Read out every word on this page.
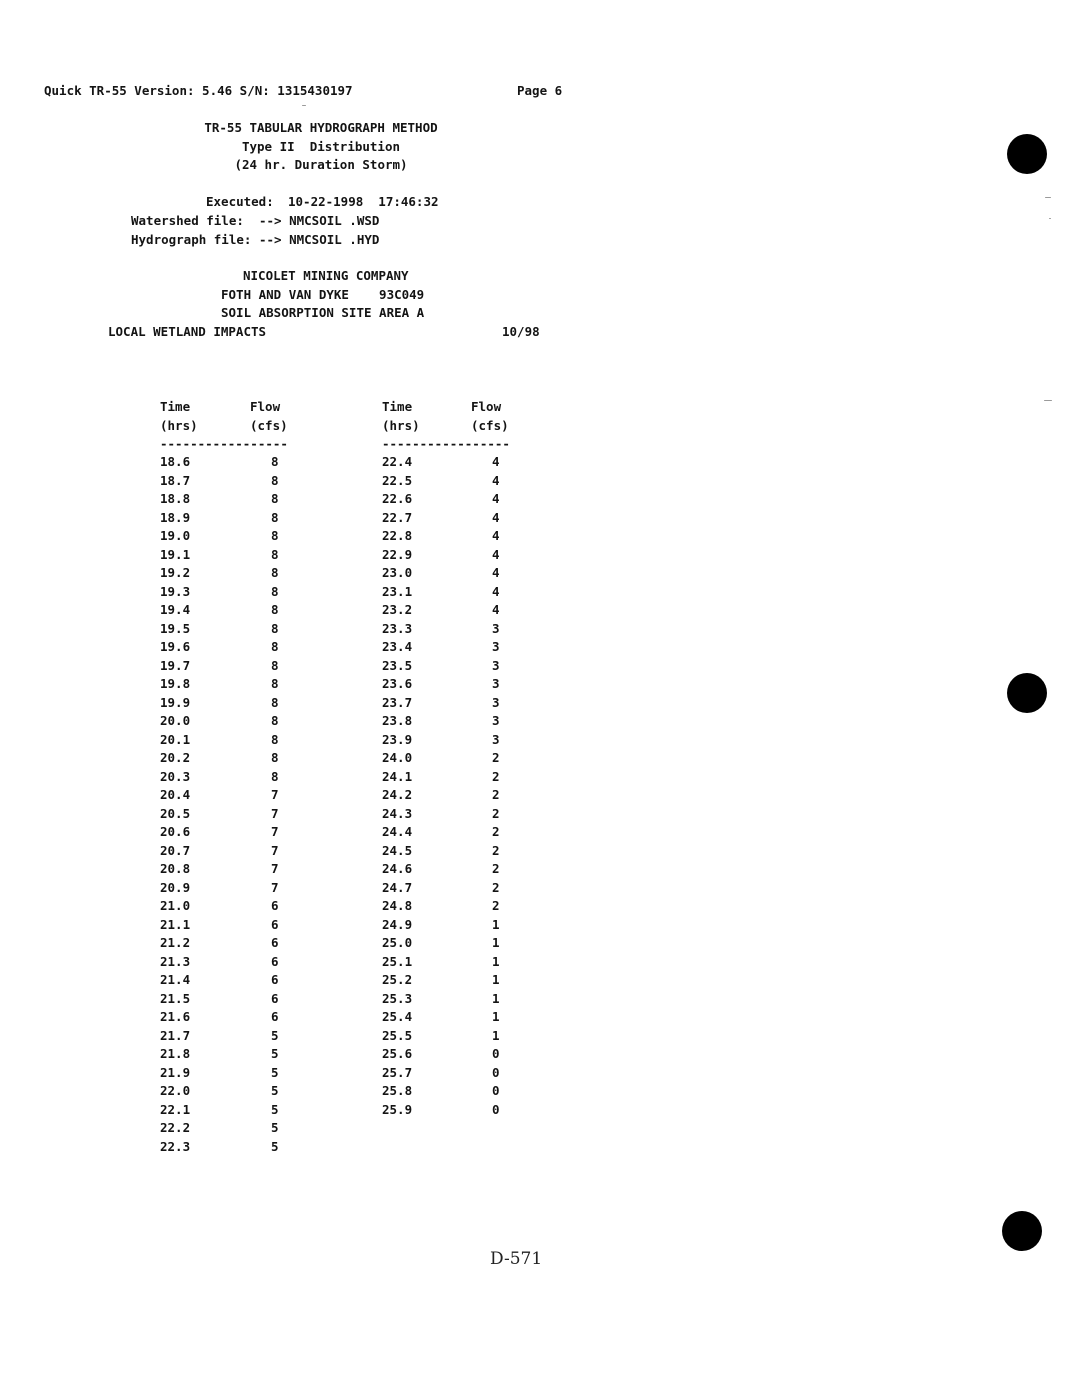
Quick TR-55 Version: 5.46 S/N: 1315430197	Page 6
TR-55 TABULAR HYDROGRAPH METHOD
Type II  Distribution
(24 hr. Duration Storm)
Executed: 10-22-1998  17:46:32
Watershed file: --> NMCSOIL .WSD
Hydrograph file: --> NMCSOIL .HYD
NICOLET MINING COMPANY
FOTH AND VAN DYKE    93C049
SOIL ABSORPTION SITE AREA A
LOCAL WETLAND IMPACTS	10/98
Time	Flow
(hrs)	(cfs)
-----------------
18.6	8
18.7	8
18.8	8
18.9	8
19.0	8
19.1	8
19.2	8
19.3	8
19.4	8
19.5	8
19.6	8
19.7	8
19.8	8
19.9	8
20.0	8
20.1	8
20.2	8
20.3	8
20.4	7
20.5	7
20.6	7
20.7	7
20.8	7
20.9	7
21.0	6
21.1	6
21.2	6
21.3	6
21.4	6
21.5	6
21.6	6
21.7	5
21.8	5
21.9	5
22.0	5
22.1	5
22.2	5
22.3	5
Time	Flow
(hrs)	(cfs)
-----------------
22.4	4
22.5	4
22.6	4
22.7	4
22.8	4
22.9	4
23.0	4
23.1	4
23.2	4
23.3	3
23.4	3
23.5	3
23.6	3
23.7	3
23.8	3
23.9	3
24.0	2
24.1	2
24.2	2
24.3	2
24.4	2
24.5	2
24.6	2
24.7	2
24.8	2
24.9	1
25.0	1
25.1	1
25.2	1
25.3	1
25.4	1
25.5	1
25.6	0
25.7	0
25.8	0
25.9	0
D-571
